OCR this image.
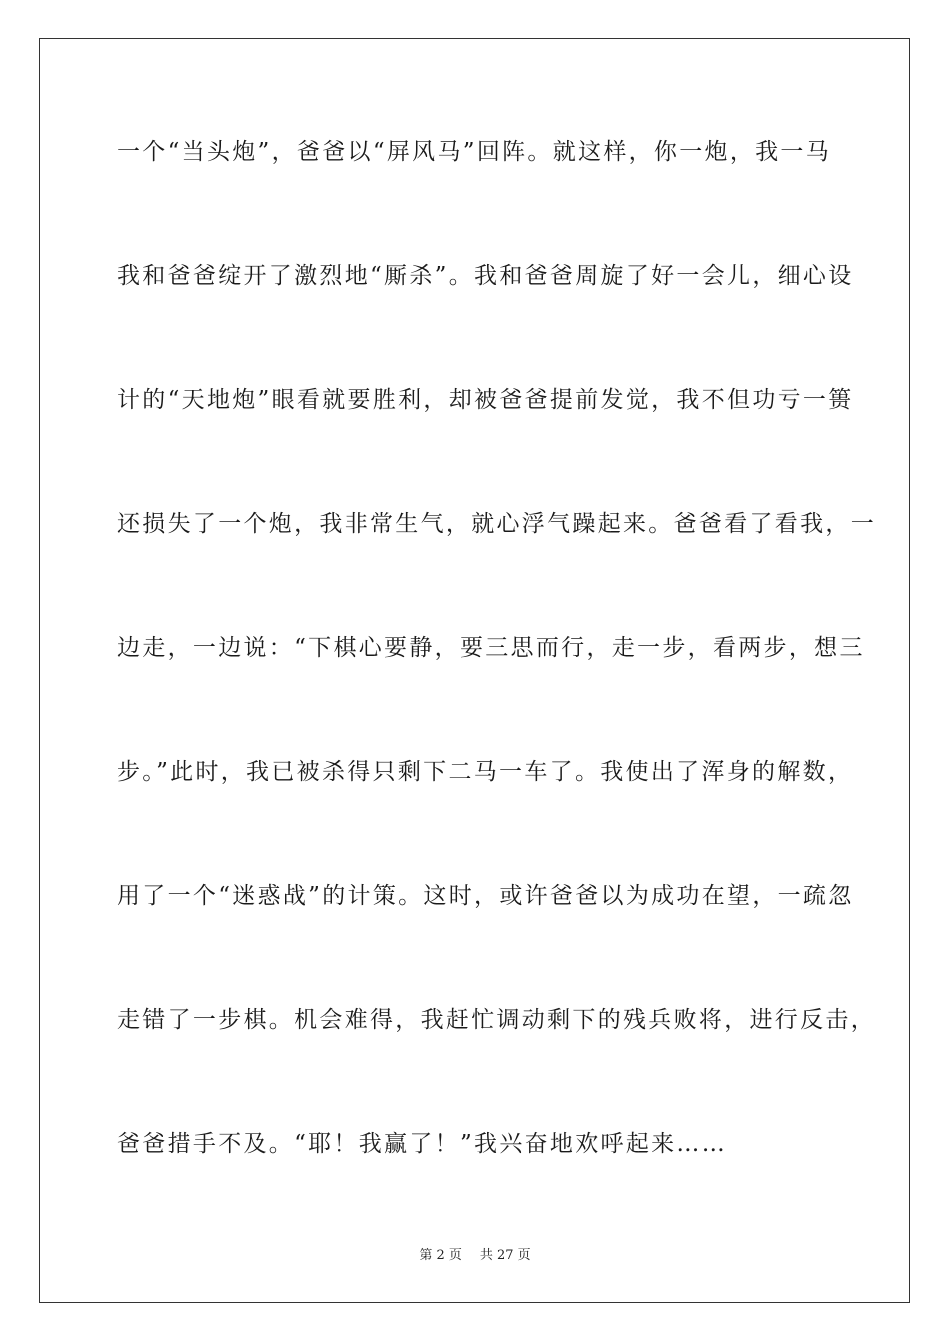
一个“当头炮”，爸爸以“屏风马”回阵。就这样，你一炮，我一马
我和爸爸绽开了激烈地“厮杀”。我和爸爸周旋了好一会儿，细心设
计的“天地炮”眼看就要胜利，却被爸爸提前发觉，我不但功亏一篑
还损失了一个炮，我非常生气，就心浮气躁起来。爸爸看了看我，一
边走，一边说：“下棋心要静，要三思而行，走一步，看两步，想三
步。”此时，我已被杀得只剩下二马一车了。我使出了浑身的解数，
用了一个“迷惑战”的计策。这时，或许爸爸以为成功在望，一疏忽
走错了一步棋。机会难得，我赶忙调动剩下的残兵败将，进行反击，
爸爸措手不及。“耶！我赢了！”我兴奋地欢呼起来……
第 2 页 共 27 页
